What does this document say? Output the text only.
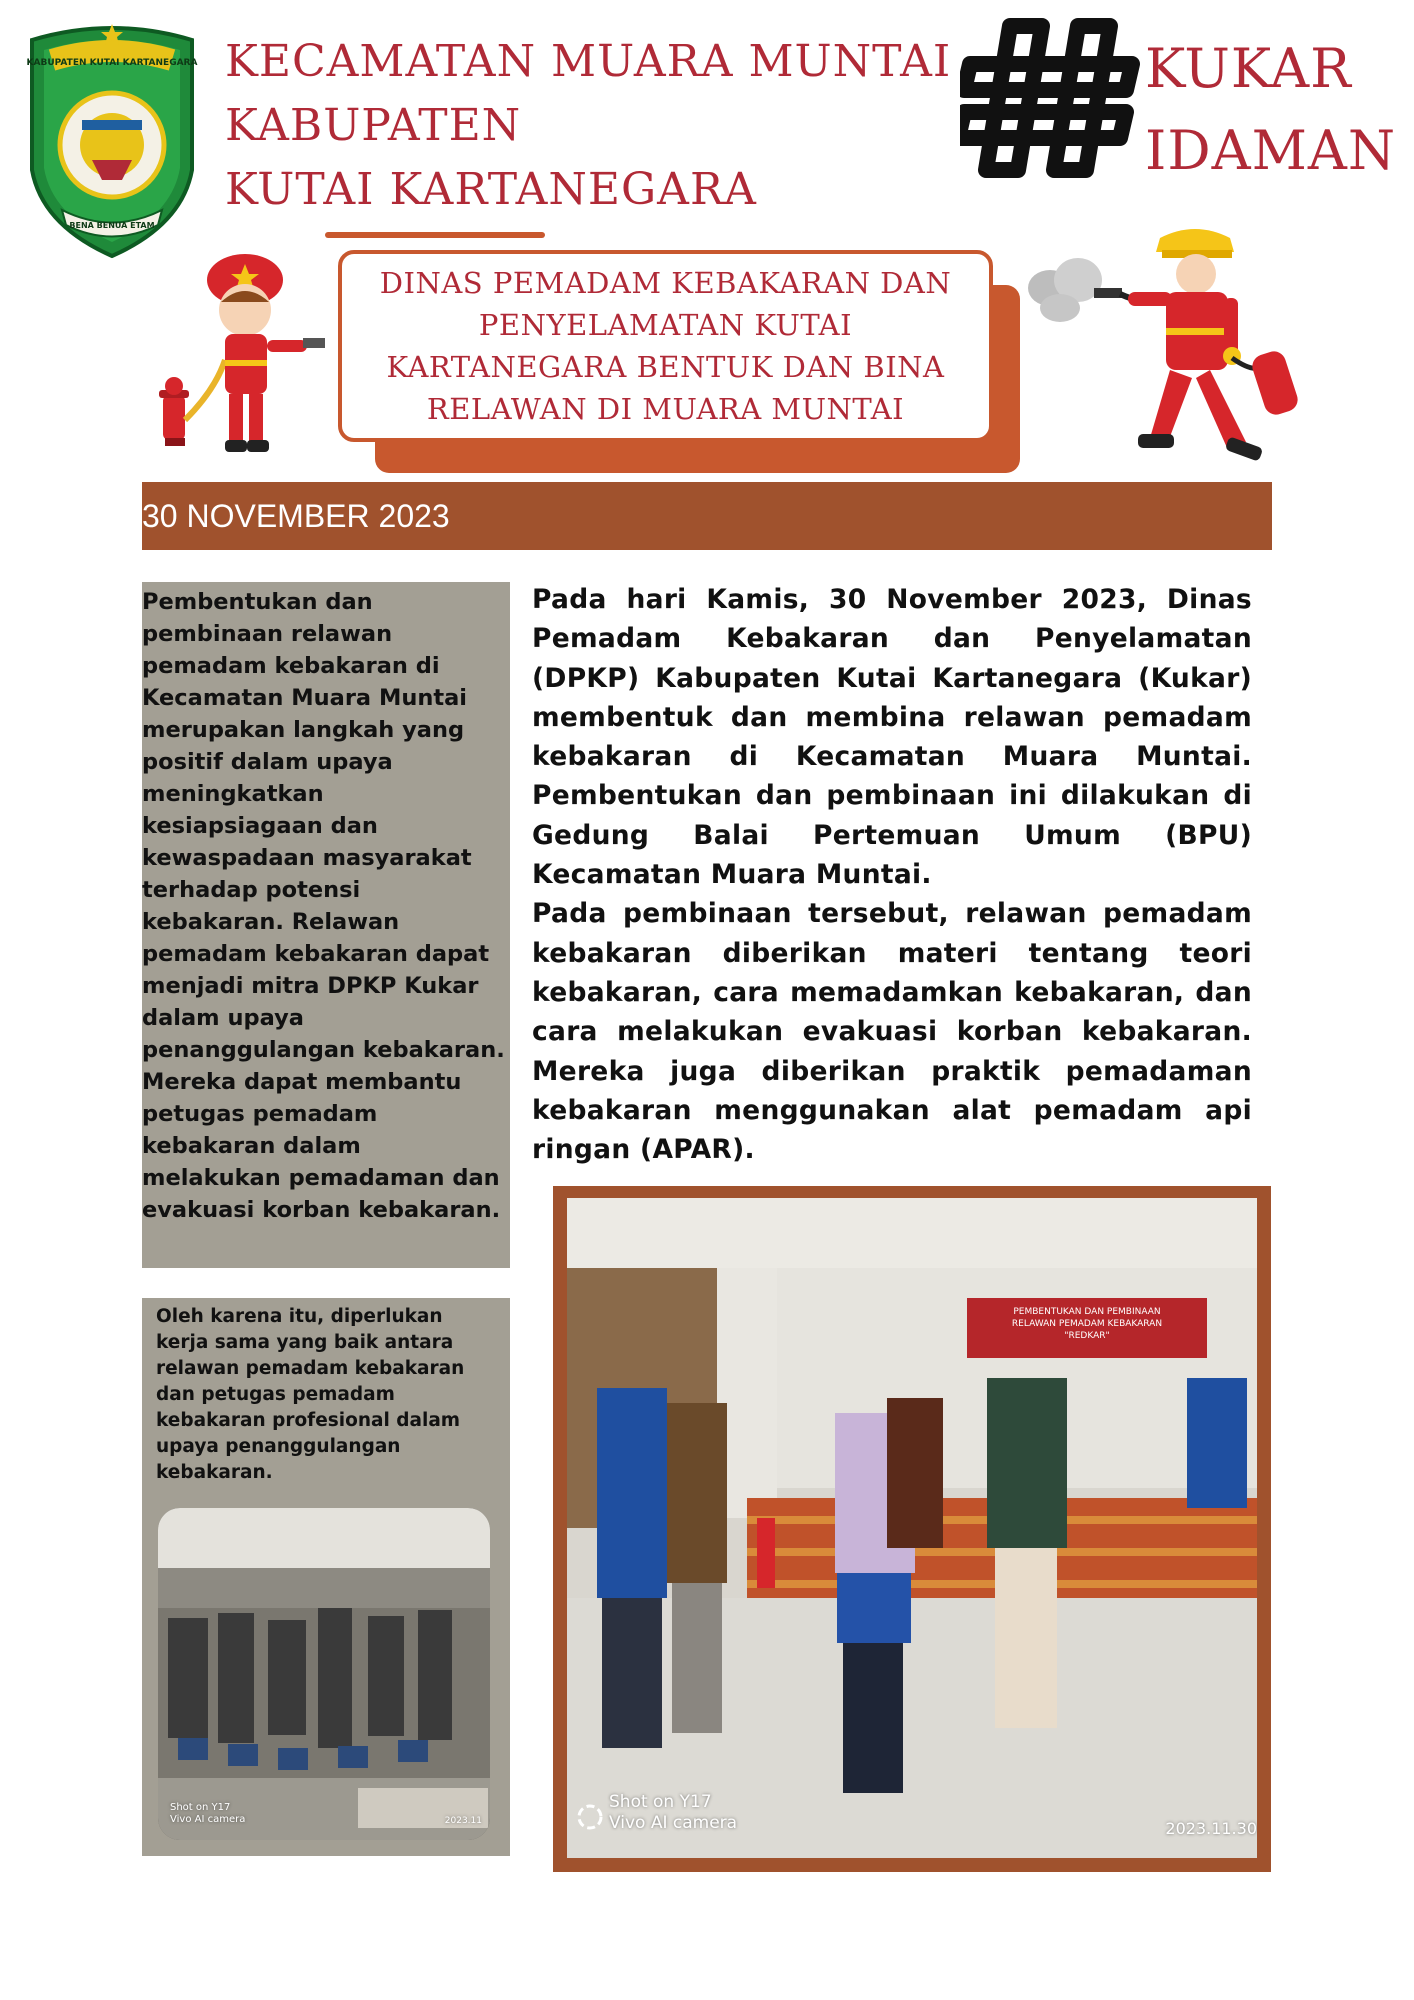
KABUPATEN KUTAI KARTANEGARA
BENA BENUA ETAM
KECAMATAN MUARA MUNTAI
KABUPATEN
KUTAI KARTANEGARA
KUKAR
IDAMAN
DINAS PEMADAM KEBAKARAN DAN PENYELAMATAN KUTAI KARTANEGARA BENTUK DAN BINA RELAWAN DI MUARA MUNTAI
30 NOVEMBER 2023

Pembentukan dan pembinaan relawan pemadam kebakaran di Kecamatan Muara Muntai merupakan langkah yang positif dalam upaya meningkatkan kesiapsiagaan dan kewaspadaan masyarakat terhadap potensi kebakaran. Relawan pemadam kebakaran dapat menjadi mitra DPKP Kukar dalam upaya penanggulangan kebakaran. Mereka dapat membantu petugas pemadam kebakaran dalam melakukan pemadaman dan evakuasi korban kebakaran.

Oleh karena itu, diperlukan kerja sama yang baik antara relawan pemadam kebakaran dan petugas pemadam kebakaran profesional dalam upaya penanggulangan kebakaran.

Shot on Y17
Vivo AI camera	2023.11

Pada hari Kamis, 30 November 2023, Dinas Pemadam Kebakaran dan Penyelamatan (DPKP) Kabupaten Kutai Kartanegara (Kukar) membentuk dan membina relawan pemadam kebakaran di Kecamatan Muara Muntai. Pembentukan dan pembinaan ini dilakukan di Gedung Balai Pertemuan Umum (BPU) Kecamatan Muara Muntai.

Pada pembinaan tersebut, relawan pemadam kebakaran diberikan materi tentang teori kebakaran, cara memadamkan kebakaran, dan cara melakukan evakuasi korban kebakaran. Mereka juga diberikan praktik pemadaman kebakaran menggunakan alat pemadam api ringan (APAR).

PEMBENTUKAN DAN PEMBINAAN
RELAWAN PEMADAM KEBAKARAN
"REDKAR"
Shot on Y17
Vivo AI camera	2023.11.30
